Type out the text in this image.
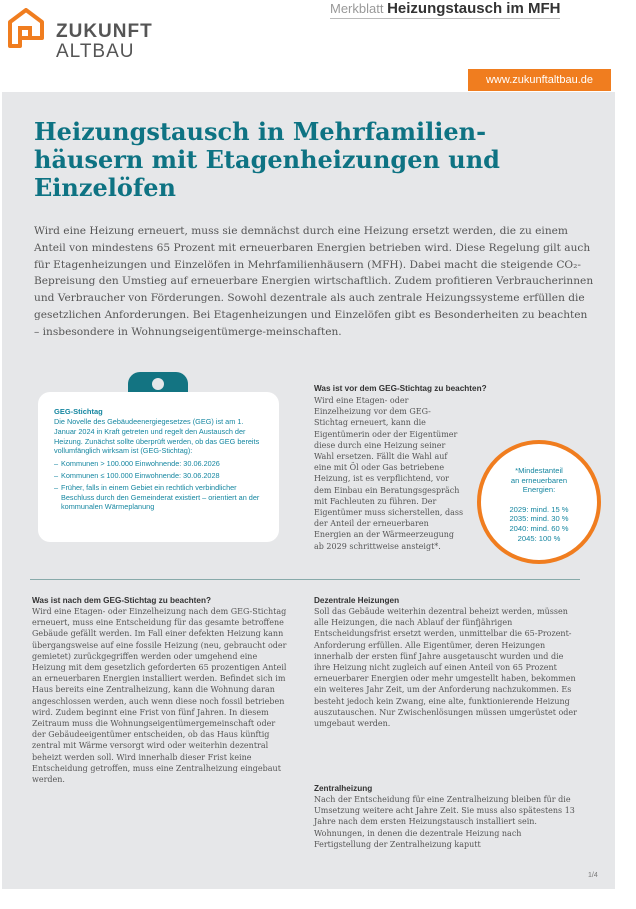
ZUKUNFT
ALTBAU
Merkblatt Heizungstausch im MFH
www.zukunftaltbau.de
Heizungstausch in Mehrfamilien-häusern mit Etagenheizungen und Einzelöfen

Wird eine Heizung erneuert, muss sie demnächst durch eine Heizung ersetzt werden, die zu einem Anteil von mindestens 65 Prozent mit erneuerbaren Energien betrieben wird. Diese Regelung gilt auch für Etagenheizungen und Einzelöfen in Mehrfamilienhäusern (MFH). Dabei macht die steigende CO₂-Bepreisung den Umstieg auf erneuerbare Energien wirtschaftlich. Zudem profitieren Verbraucherinnen und Verbraucher von Förderungen. Sowohl dezentrale als auch zentrale Heizungssysteme erfüllen die gesetzlichen Anforderungen. Bei Etagenheizungen und Einzelöfen gibt es Besonderheiten zu beachten – insbesondere in Wohnungseigentümerge-meinschaften.

GEG-Stichtag
Die Novelle des Gebäudeenergiegesetzes (GEG) ist am 1. Januar 2024 in Kraft getreten und regelt den Austausch der Heizung. Zunächst sollte überprüft werden, ob das GEG bereits vollumfänglich wirksam ist (GEG-Stichtag):
– Kommunen > 100.000 Einwohnende: 30.06.2026
– Kommunen ≤ 100.000 Einwohnende: 30.06.2028
– Früher, falls in einem Gebiet ein rechtlich verbindlicher Beschluss durch den Gemeinderat existiert – orientiert an der kommunalen Wärmeplanung
Was ist vor dem GEG-Stichtag zu beachten?
Wird eine Etagen- oder Einzelheizung vor dem GEG-Stichtag erneuert, kann die Eigentümerin oder der Eigentümer diese durch eine Heizung seiner Wahl ersetzen. Fällt die Wahl auf eine mit Öl oder Gas betriebene Heizung, ist es verpflichtend, vor dem Einbau ein Beratungsgespräch mit Fachleuten zu führen. Der Eigentümer muss sicherstellen, dass der Anteil der erneuerbaren Energien an der Wärmeerzeugung ab 2029 schrittweise ansteigt*.
*Mindestanteil
an erneuerbaren
Energien:
2029: mind. 15 %
2035: mind. 30 %
2040: mind. 60 %
2045: 100 %
Was ist nach dem GEG-Stichtag zu beachten?
Wird eine Etagen- oder Einzelheizung nach dem GEG-Stichtag erneuert, muss eine Entscheidung für das gesamte betroffene Gebäude gefällt werden. Im Fall einer defekten Heizung kann übergangsweise auf eine fossile Heizung (neu, gebraucht oder gemietet) zurückgegriffen werden oder umgehend eine Heizung mit dem gesetzlich geforderten 65 prozentigen Anteil an erneuerbaren Energien installiert werden. Befindet sich im Haus bereits eine Zentralheizung, kann die Wohnung daran angeschlossen werden, auch wenn diese noch fossil betrieben wird. Zudem beginnt eine Frist von fünf Jahren. In diesem Zeitraum muss die Wohnungseigentümergemeinschaft oder der Gebäudeeigentümer entscheiden, ob das Haus künftig zentral mit Wärme versorgt wird oder weiterhin dezentral beheizt werden soll. Wird innerhalb dieser Frist keine Entscheidung getroffen, muss eine Zentralheizung eingebaut werden.
Dezentrale Heizungen
Soll das Gebäude weiterhin dezentral beheizt werden, müssen alle Heizungen, die nach Ablauf der fünfjährigen Entscheidungsfrist ersetzt werden, unmittelbar die 65-Prozent-Anforderung erfüllen. Alle Eigentümer, deren Heizungen innerhalb der ersten fünf Jahre ausgetauscht wurden und die ihre Heizung nicht zugleich auf einen Anteil von 65 Prozent erneuerbarer Energien oder mehr umgestellt haben, bekommen ein weiteres Jahr Zeit, um der Anforderung nachzukommen. Es besteht jedoch kein Zwang, eine alte, funktionierende Heizung auszutauschen. Nur Zwischenlösungen müssen umgerüstet oder umgebaut werden.
Zentralheizung
Nach der Entscheidung für eine Zentralheizung bleiben für die Umsetzung weitere acht Jahre Zeit. Sie muss also spätestens 13 Jahre nach dem ersten Heizungstausch installiert sein. Wohnungen, in denen die dezentrale Heizung nach Fertigstellung der Zentralheizung kaputt
1/4
